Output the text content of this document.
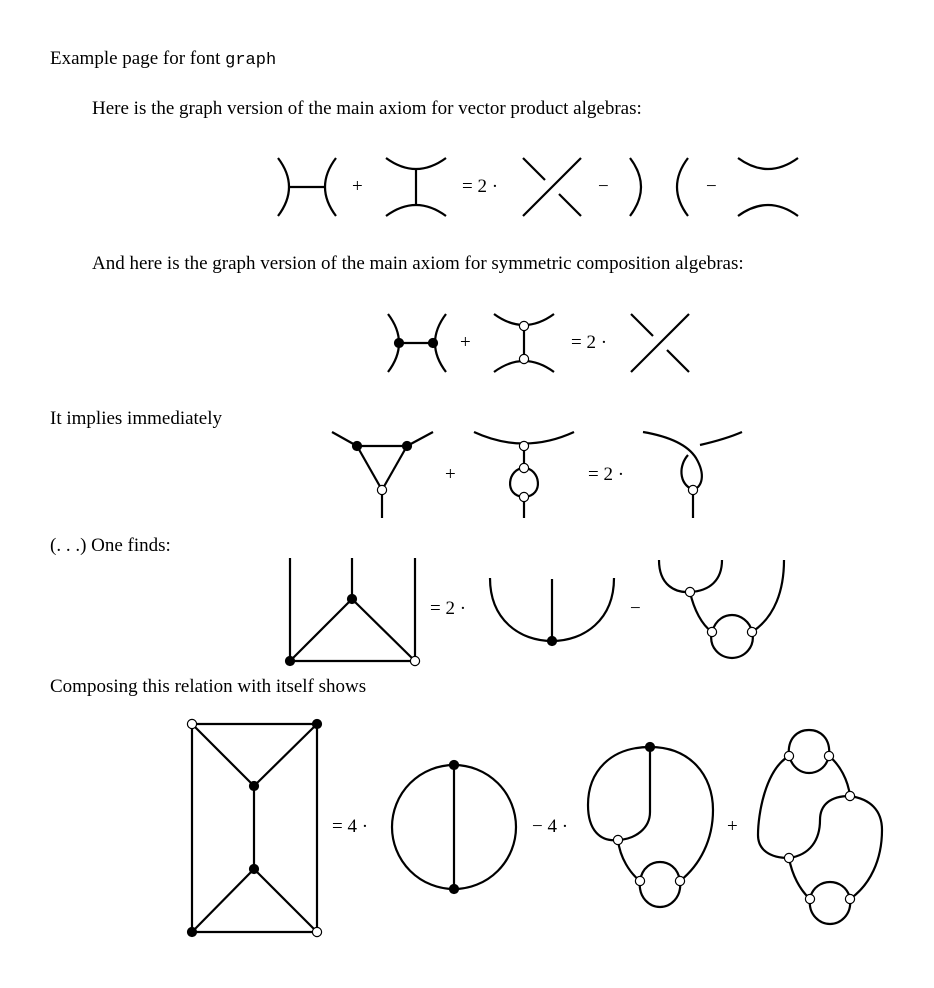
Example page for font graph
Here is the graph version of the main axiom for vector product algebras:
And here is the graph version of the main axiom for symmetric composition algebras:
It implies immediately
(. . .) One finds:
Composing this relation with itself shows
+	= 2 ·	−	−
+	= 2 ·
+	= 2 ·
= 2 ·	−
= 4 ·	− 4 ·	+
